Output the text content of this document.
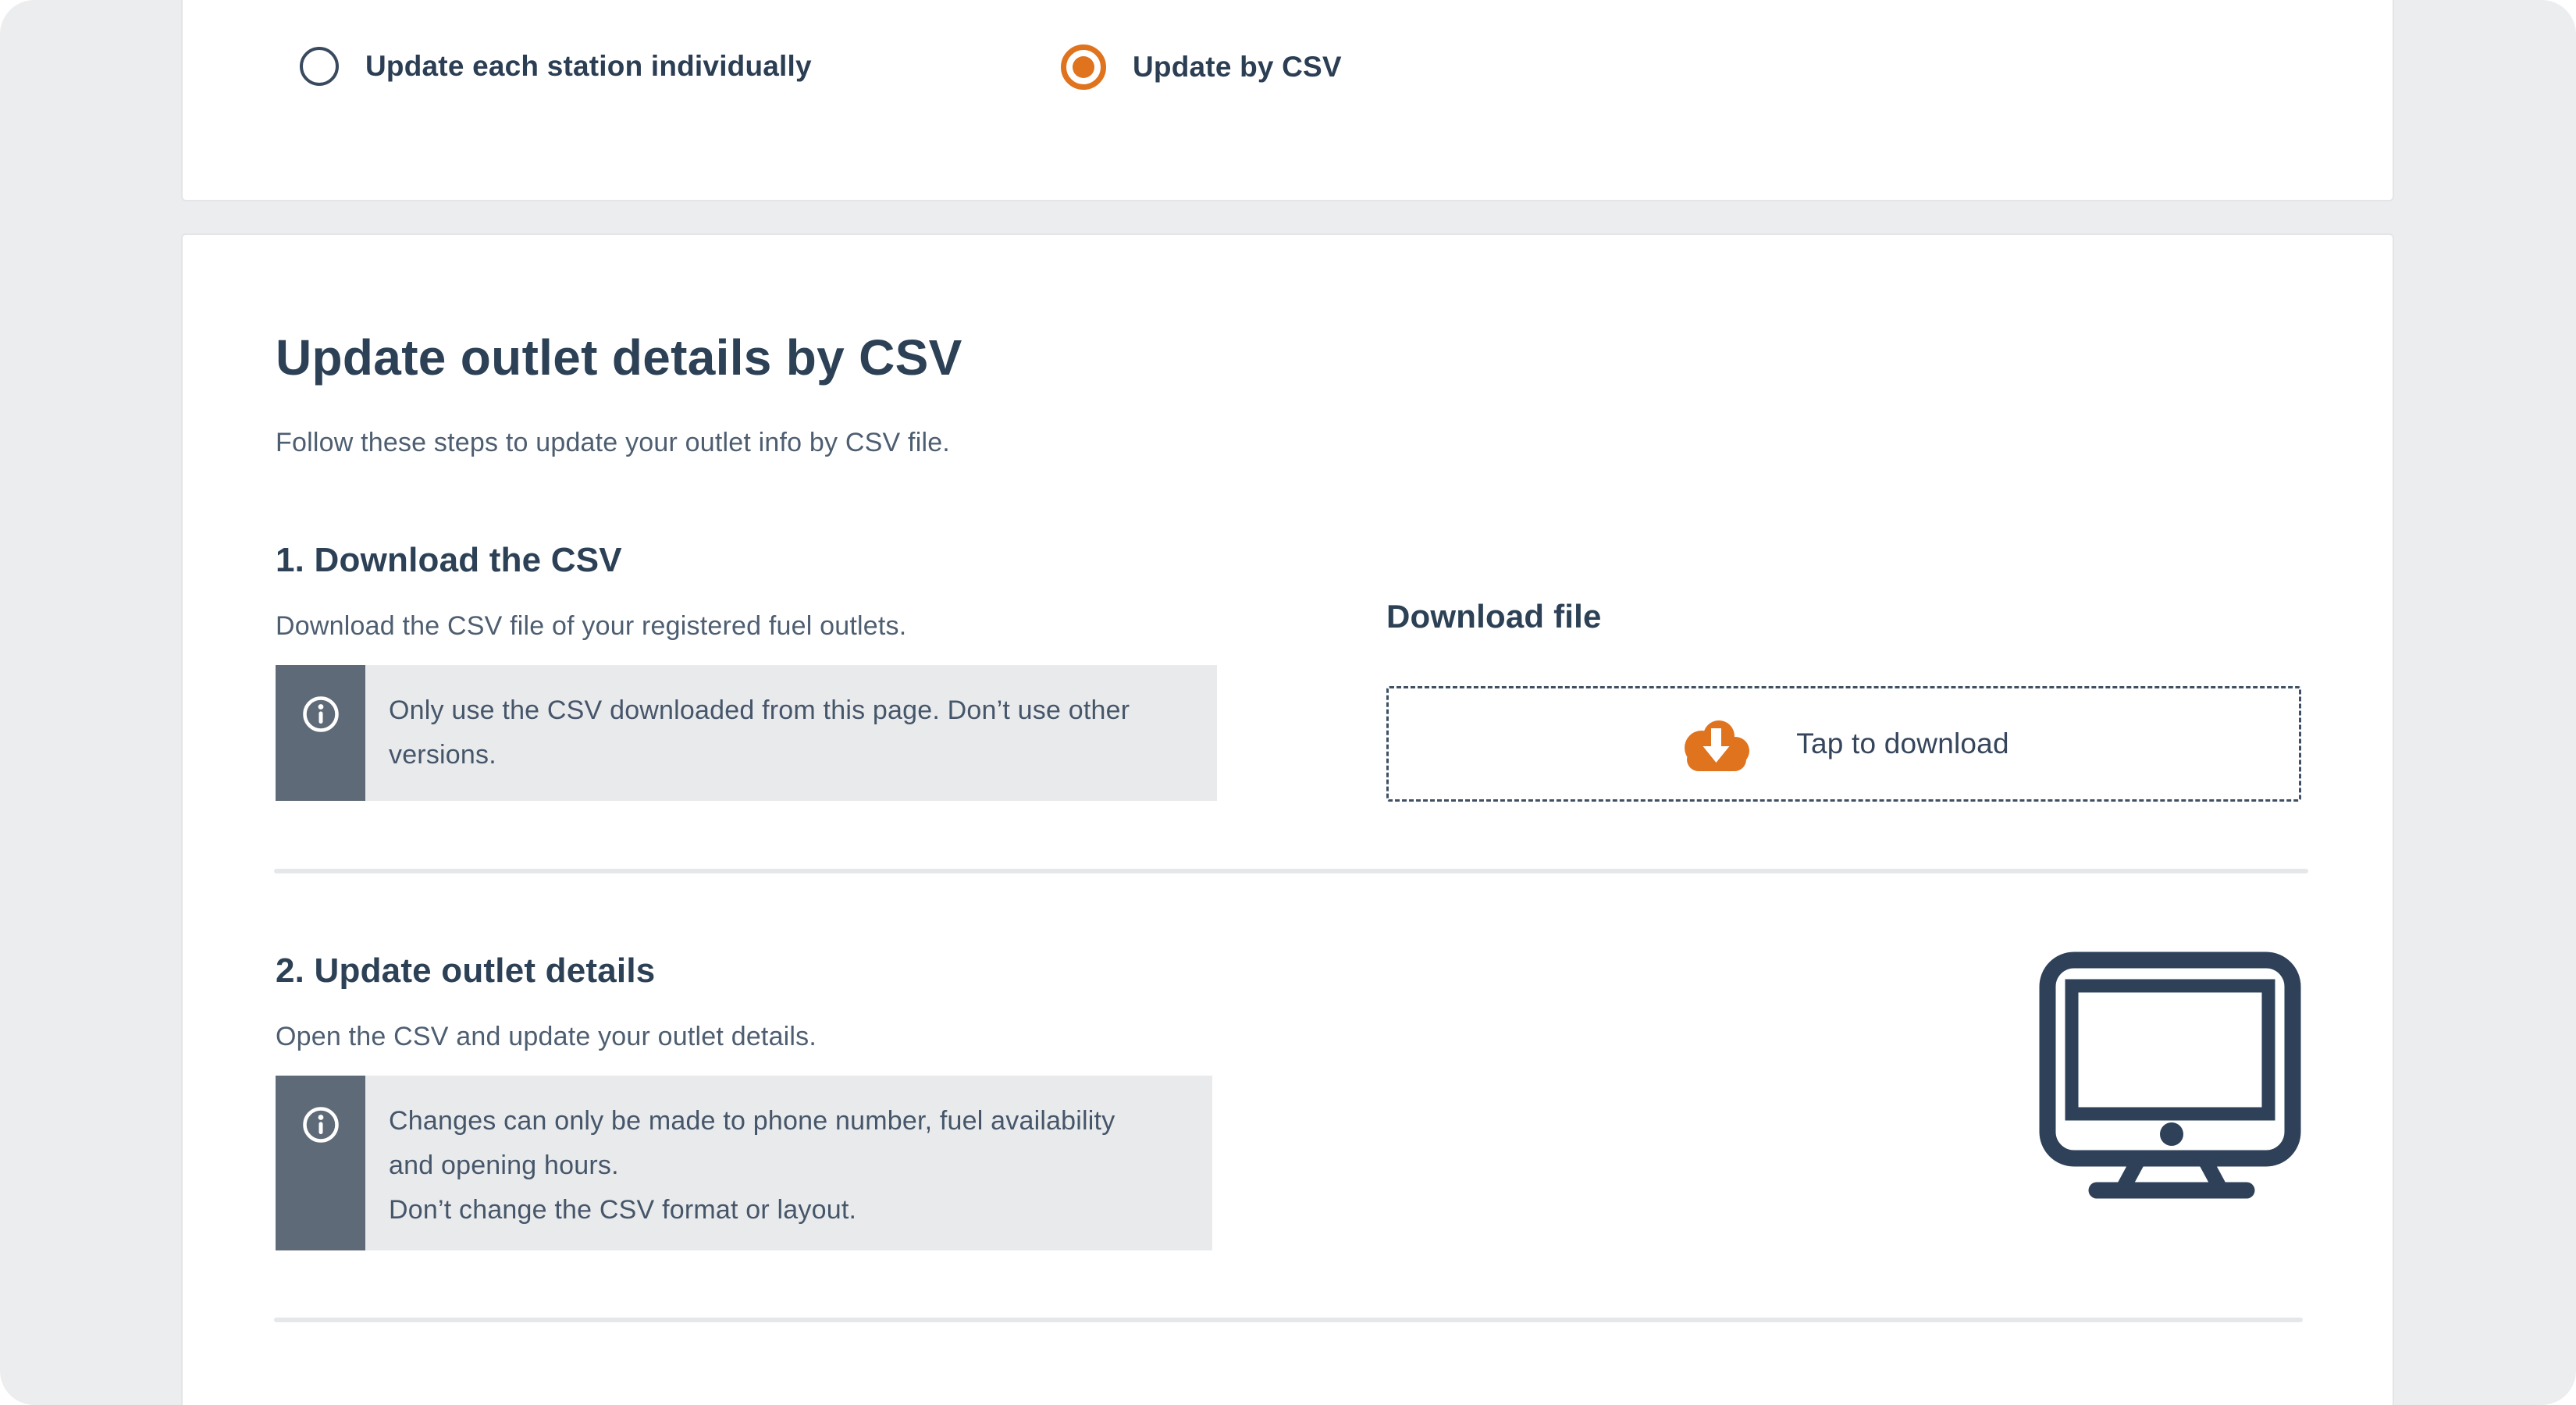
Update each station individually	Update by CSV
Update outlet details by CSV

Follow these steps to update your outlet info by CSV file.

1. Download the CSV

Download the CSV file of your registered fuel outlets.

Only use the CSV downloaded from this page. Don’t use other versions.
Download file
Tap to download
2. Update outlet details

Open the CSV and update your outlet details.

Changes can only be made to phone number, fuel availability and opening hours.
Don’t change the CSV format or layout.
